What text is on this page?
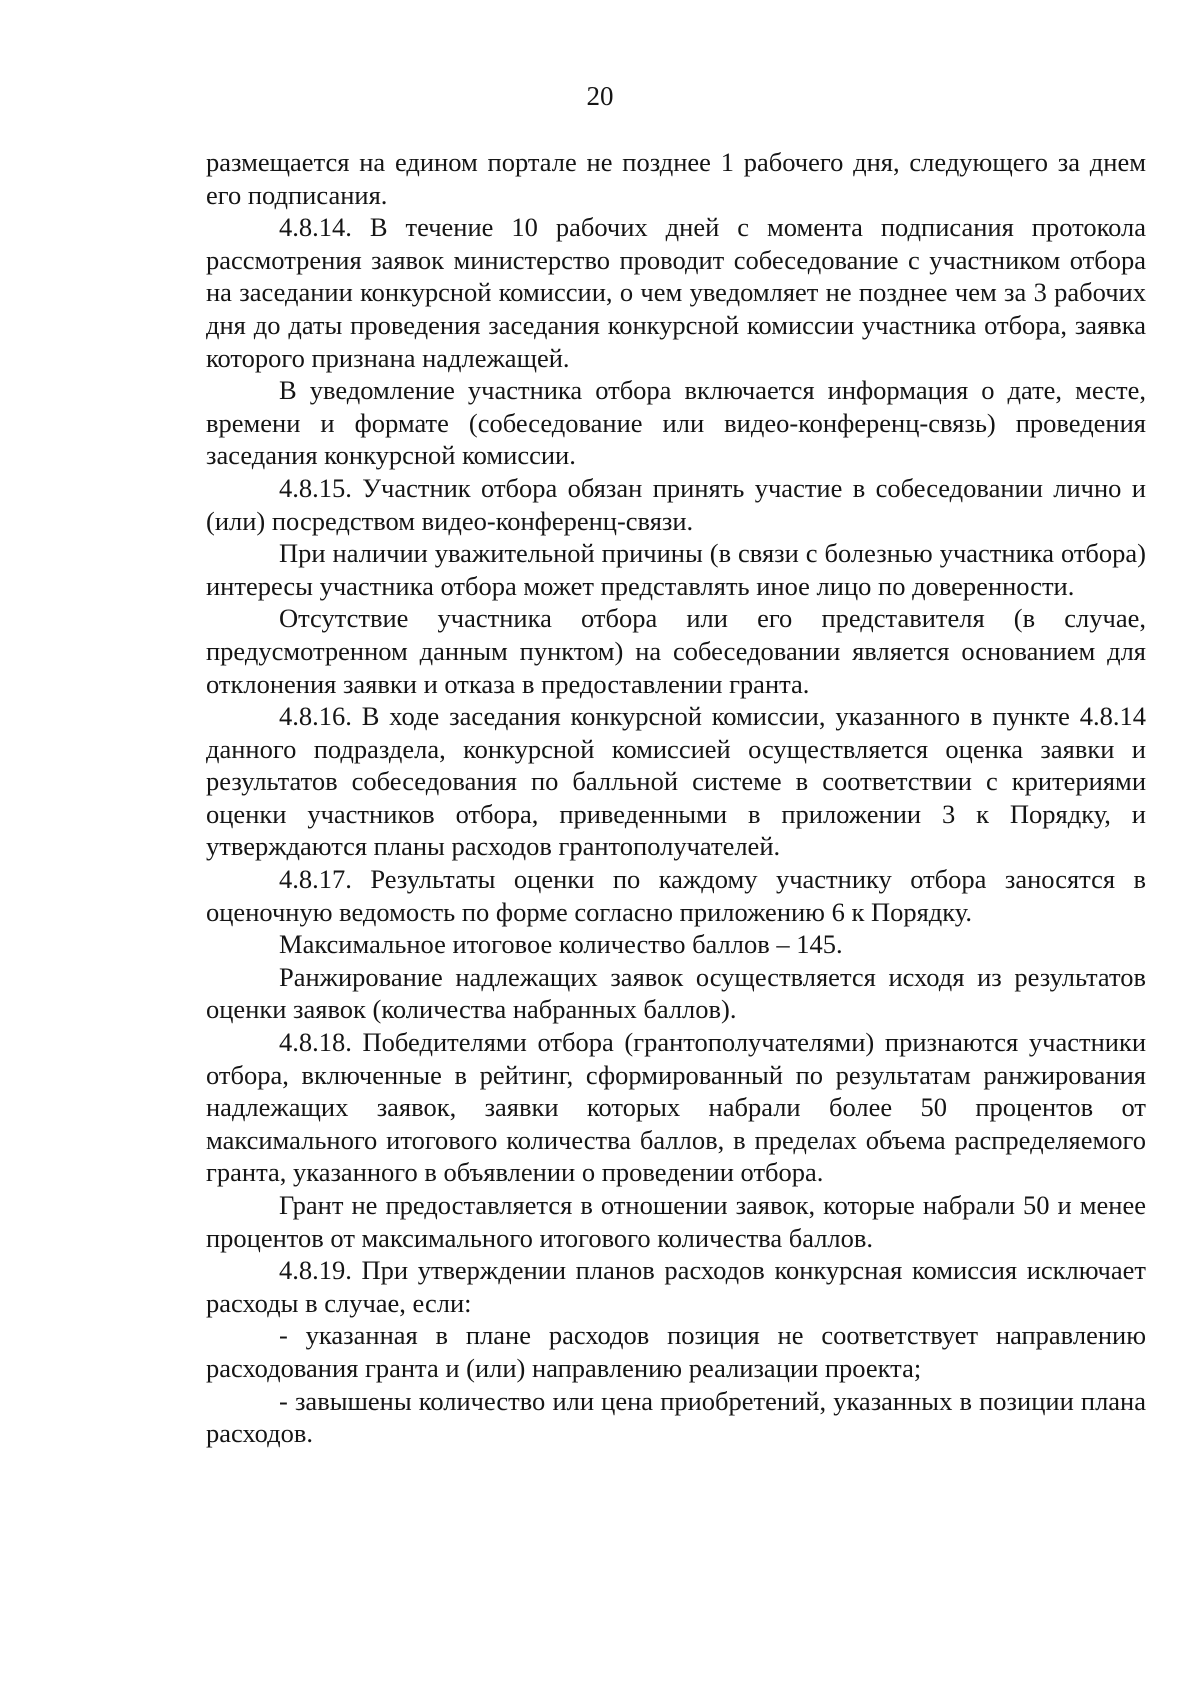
20

размещается на едином портале не позднее 1 рабочего дня, следующего за днем его подписания.

4.8.14. В течение 10 рабочих дней с момента подписания протокола рассмотрения заявок министерство проводит собеседование с участником отбора на заседании конкурсной комиссии, о чем уведомляет не позднее чем за 3 рабочих дня до даты проведения заседания конкурсной комиссии участника отбора, заявка которого признана надлежащей.

В уведомление участника отбора включается информация о дате, месте, времени и формате (собеседование или видео-конференц-связь) проведения заседания конкурсной комиссии.

4.8.15. Участник отбора обязан принять участие в собеседовании лично и (или) посредством видео-конференц-связи.

При наличии уважительной причины (в связи с болезнью участника отбора) интересы участника отбора может представлять иное лицо по доверенности.

Отсутствие участника отбора или его представителя (в случае, предусмотренном данным пунктом) на собеседовании является основанием для отклонения заявки и отказа в предоставлении гранта.

4.8.16. В ходе заседания конкурсной комиссии, указанного в пункте 4.8.14 данного подраздела, конкурсной комиссией осуществляется оценка заявки и результатов собеседования по балльной системе в соответствии с критериями оценки участников отбора, приведенными в приложении 3 к Порядку, и утверждаются планы расходов грантополучателей.

4.8.17. Результаты оценки по каждому участнику отбора заносятся в оценочную ведомость по форме согласно приложению 6 к Порядку.

Максимальное итоговое количество баллов – 145.

Ранжирование надлежащих заявок осуществляется исходя из результатов оценки заявок (количества набранных баллов).

4.8.18. Победителями отбора (грантополучателями) признаются участники отбора, включенные в рейтинг, сформированный по результатам ранжирования надлежащих заявок, заявки которых набрали более 50 процентов от максимального итогового количества баллов, в пределах объема распределяемого гранта, указанного в объявлении о проведении отбора.

Грант не предоставляется в отношении заявок, которые набрали 50 и менее процентов от максимального итогового количества баллов.

4.8.19. При утверждении планов расходов конкурсная комиссия исключает расходы в случае, если:

- указанная в плане расходов позиция не соответствует направлению расходования гранта и (или) направлению реализации проекта;

- завышены количество или цена приобретений, указанных в позиции плана расходов.
